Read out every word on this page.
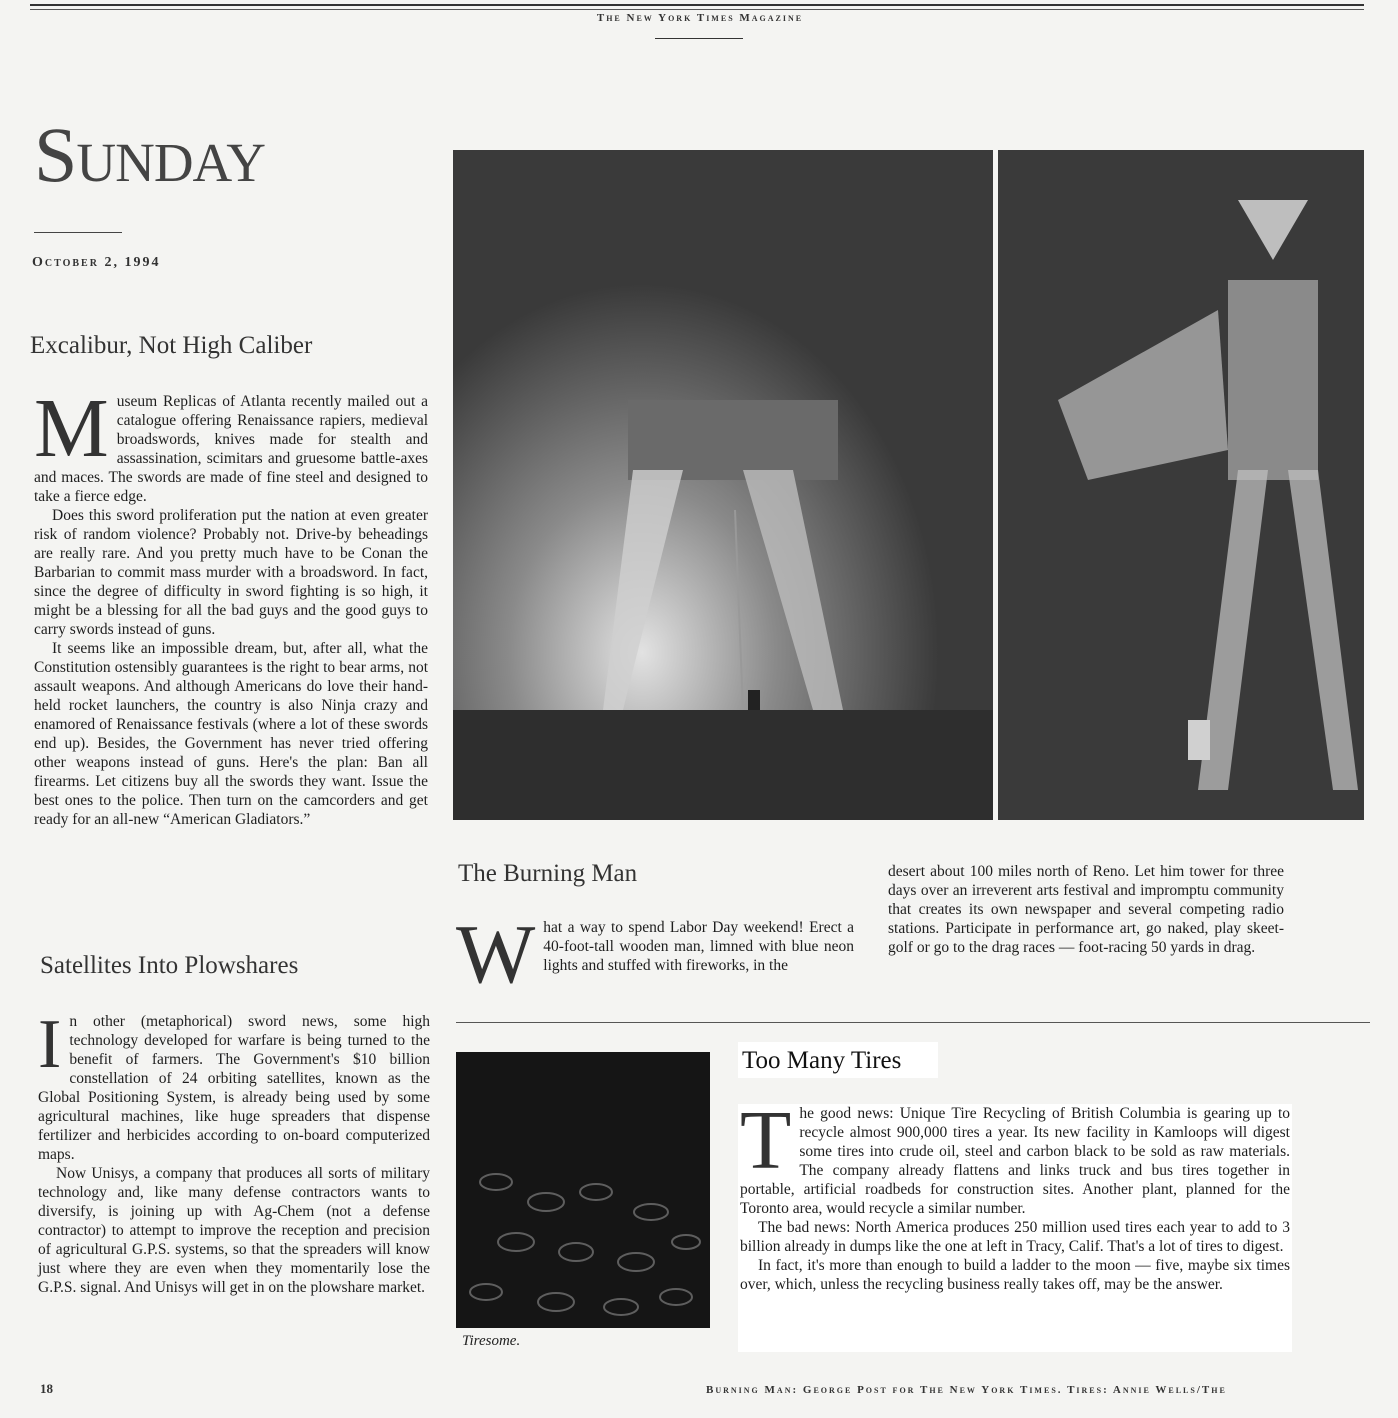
The New York Times Magazine
Sunday
October 2, 1994
Excalibur, Not High Caliber
M useum Replicas of Atlanta recently mailed out a catalogue offering Renaissance rapiers, medieval broadswords, knives made for stealth and assassination, scimitars and gruesome battle-axes and maces. The swords are made of fine steel and designed to take a fierce edge.

Does this sword proliferation put the nation at even greater risk of random violence? Probably not. Drive-by beheadings are really rare. And you pretty much have to be Conan the Barbarian to commit mass murder with a broadsword. In fact, since the degree of difficulty in sword fighting is so high, it might be a blessing for all the bad guys and the good guys to carry swords instead of guns.

It seems like an impossible dream, but, after all, what the Constitution ostensibly guarantees is the right to bear arms, not assault weapons. And although Americans do love their hand-held rocket launchers, the country is also Ninja crazy and enamored of Renaissance festivals (where a lot of these swords end up). Besides, the Government has never tried offering other weapons instead of guns. Here's the plan: Ban all firearms. Let citizens buy all the swords they want. Issue the best ones to the police. Then turn on the camcorders and get ready for an all-new “American Gladiators.”

Satellites Into Plowshares
I n other (metaphorical) sword news, some high technology developed for warfare is being turned to the benefit of farmers. The Government's $10 billion constellation of 24 orbiting satellites, known as the Global Positioning System, is already being used by some agricultural machines, like huge spreaders that dispense fertilizer and herbicides according to on-board computerized maps.

Now Unisys, a company that produces all sorts of military technology and, like many defense contractors wants to diversify, is joining up with Ag-Chem (not a defense contractor) to attempt to improve the reception and precision of agricultural G.P.S. systems, so that the spreaders will know just where they are even when they momentarily lose the G.P.S. signal. And Unisys will get in on the plowshare market.

The Burning Man
W hat a way to spend Labor Day weekend! Erect a 40-foot-tall wooden man, limned with blue neon lights and stuffed with fireworks, in the

desert about 100 miles north of Reno. Let him tower for three days over an irreverent arts festival and impromptu community that creates its own newspaper and several competing radio stations. Participate in performance art, go naked, play skeet-golf or go to the drag races — foot-racing 50 yards in drag.

Tiresome.
Too Many Tires
T he good news: Unique Tire Recycling of British Columbia is gearing up to recycle almost 900,000 tires a year. Its new facility in Kamloops will digest some tires into crude oil, steel and carbon black to be sold as raw materials. The company already flattens and links truck and bus tires together in portable, artificial roadbeds for construction sites. Another plant, planned for the Toronto area, would recycle a similar number.

The bad news: North America produces 250 million used tires each year to add to 3 billion already in dumps like the one at left in Tracy, Calif. That's a lot of tires to digest.

In fact, it's more than enough to build a ladder to the moon — five, maybe six times over, which, unless the recycling business really takes off, may be the answer.

18	Burning Man: George Post for The New York Times. Tires: Annie Wells/The
